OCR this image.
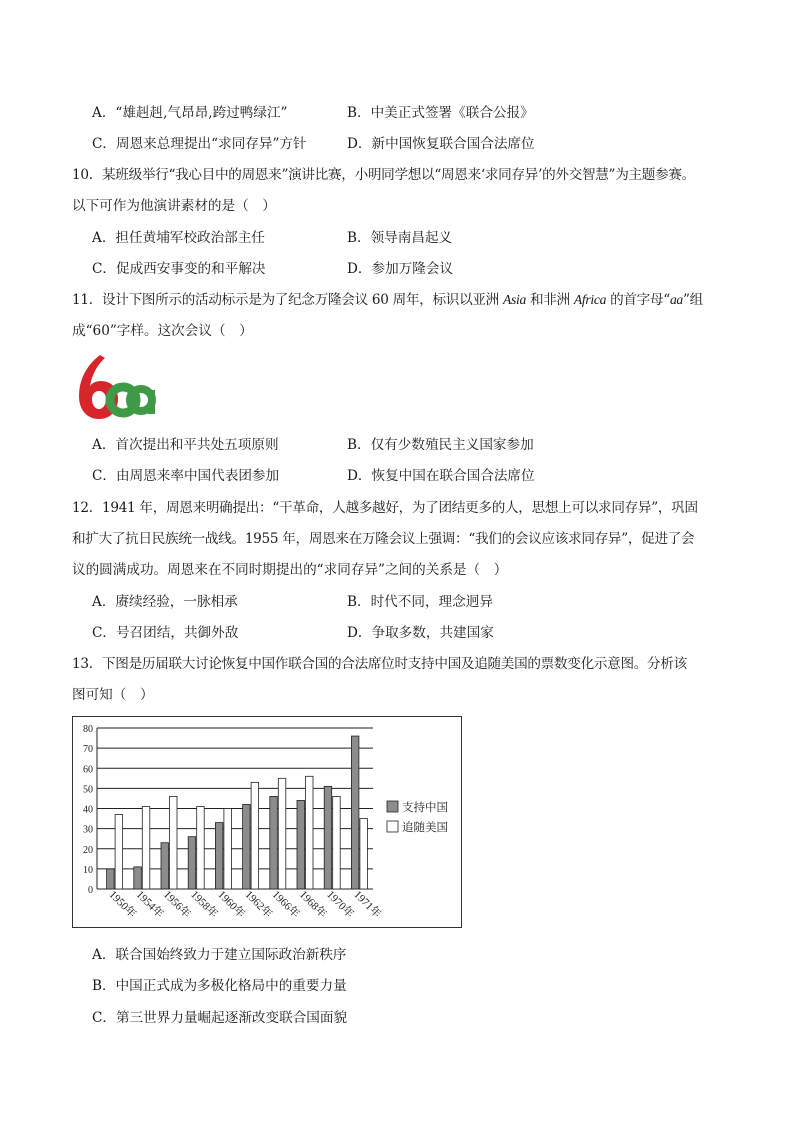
A．“雄赳赳,气昂昂,跨过鸭绿江”	B．中美正式签署《联合公报》
C．周恩来总理提出“求同存异”方针	D．新中国恢复联合国合法席位
10．某班级举行“我心目中的周恩来”演讲比赛，小明同学想以“周恩来‘求同存异’的外交智慧”为主题参赛。
以下可作为他演讲素材的是（　）
A．担任黄埔军校政治部主任	B．领导南昌起义
C．促成西安事变的和平解决	D．参加万隆会议
11．设计下图所示的活动标示是为了纪念万隆会议 60 周年，标识以亚洲 Asia 和非洲 Africa 的首字母“aa”组
成“60”字样。这次会议（　）
A．首次提出和平共处五项原则	B．仅有少数殖民主义国家参加
C．由周恩来率中国代表团参加	D．恢复中国在联合国合法席位
12．1941 年，周恩来明确提出：“干革命，人越多越好，为了团结更多的人，思想上可以求同存异”，巩固
和扩大了抗日民族统一战线。1955 年，周恩来在万隆会议上强调：“我们的会议应该求同存异”，促进了会
议的圆满成功。周恩来在不同时期提出的“求同存异”之间的关系是（　）
A．赓续经验，一脉相承	B．时代不同，理念迥异
C．号召团结，共御外敌	D．争取多数，共建国家
13．下图是历届联大讨论恢复中国作联合国的合法席位时支持中国及追随美国的票数变化示意图。分析该
图可知（　）
0
10
20
30
40
50
60
70
80
1950年
1954年
1956年
1958年
1960年
1962年
1966年
1968年
1970年
1971年
支持中国
追随美国
A．联合国始终致力于建立国际政治新秩序
B．中国正式成为多极化格局中的重要力量
C．第三世界力量崛起逐渐改变联合国面貌
